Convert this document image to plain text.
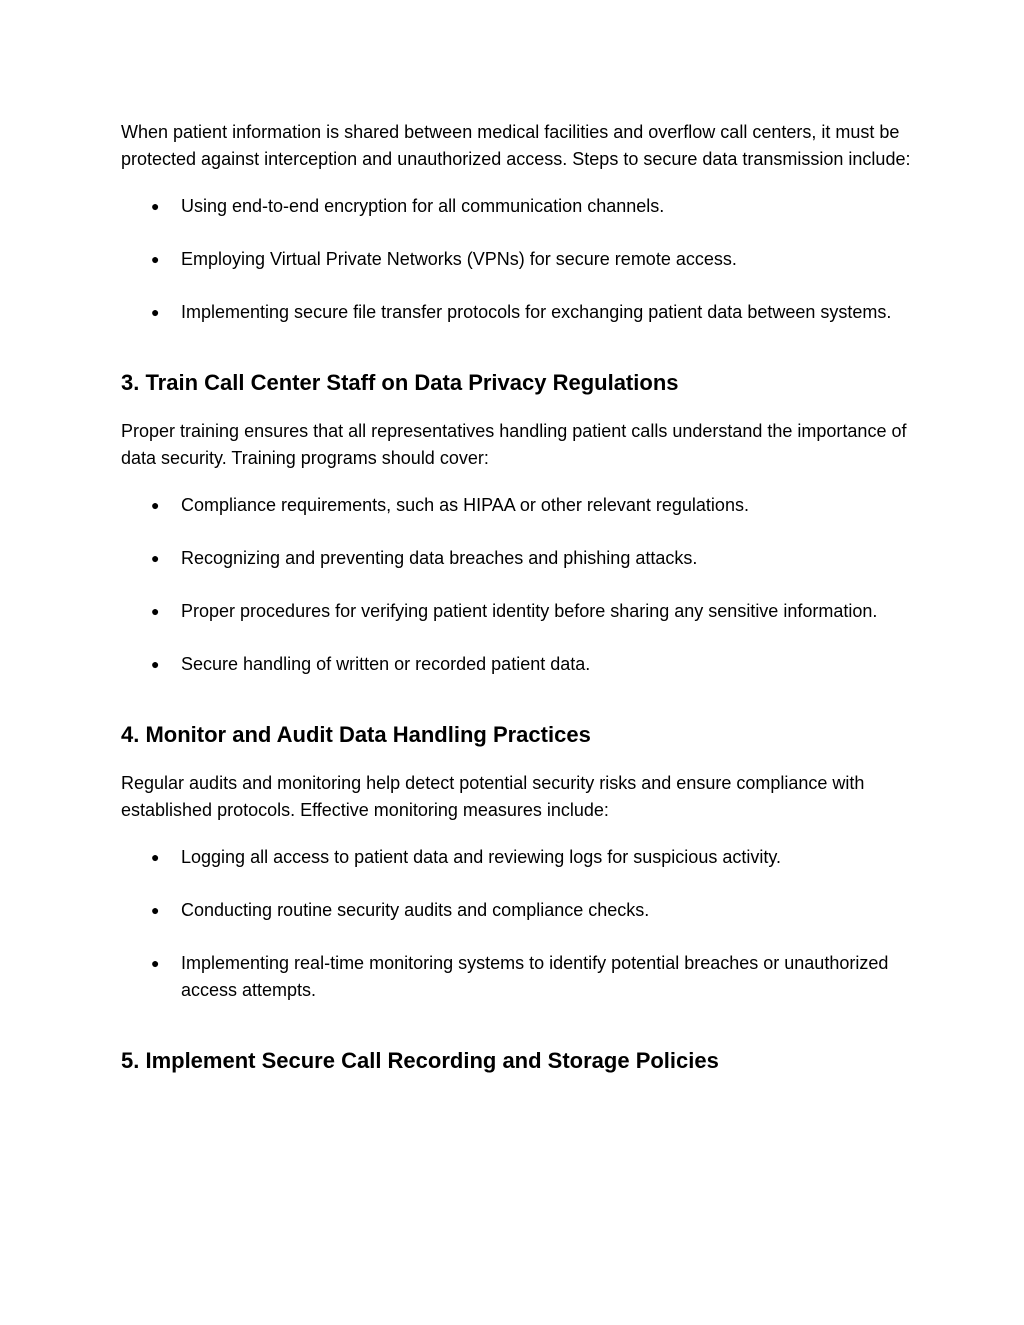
When patient information is shared between medical facilities and overflow call centers, it must be protected against interception and unauthorized access. Steps to secure data transmission include:

● Using end-to-end encryption for all communication channels.
● Employing Virtual Private Networks (VPNs) for secure remote access.
● Implementing secure file transfer protocols for exchanging patient data between systems.
3. Train Call Center Staff on Data Privacy Regulations

Proper training ensures that all representatives handling patient calls understand the importance of data security. Training programs should cover:

● Compliance requirements, such as HIPAA or other relevant regulations.
● Recognizing and preventing data breaches and phishing attacks.
● Proper procedures for verifying patient identity before sharing any sensitive information.
● Secure handling of written or recorded patient data.
4. Monitor and Audit Data Handling Practices

Regular audits and monitoring help detect potential security risks and ensure compliance with established protocols. Effective monitoring measures include:

● Logging all access to patient data and reviewing logs for suspicious activity.
● Conducting routine security audits and compliance checks.
● Implementing real-time monitoring systems to identify potential breaches or unauthorized access attempts.
5. Implement Secure Call Recording and Storage Policies
